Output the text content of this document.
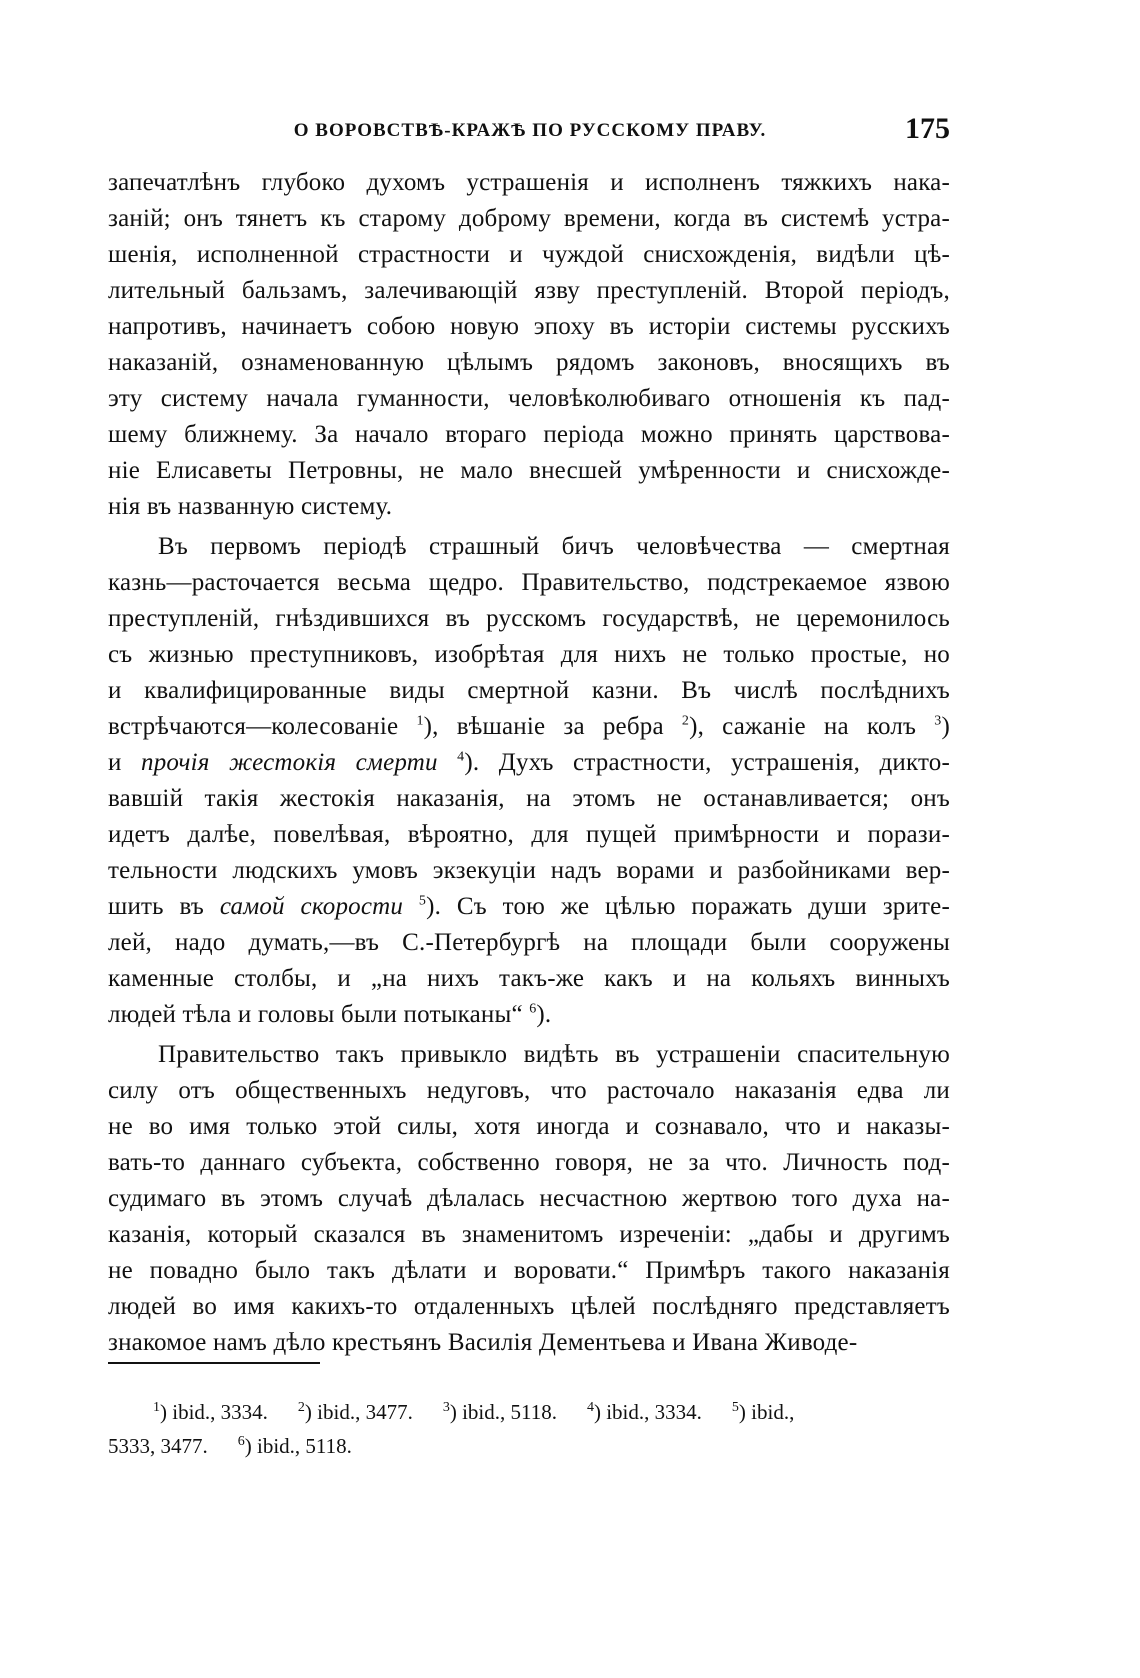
О ВОРОВСТВѢ-КРАЖѢ ПО РУССКОМУ ПРАВУ.	175

запечатлѣнъ глубоко духомъ устрашенія и исполненъ тяжкихъ нака-
заній; онъ тянетъ къ старому доброму времени, когда въ системѣ устра-
шенія, исполненной страстности и чуждой снисхожденія, видѣли цѣ-
лительный бальзамъ, залечивающій язву преступленій. Второй періодъ,
напротивъ, начинаетъ собою новую эпоху въ исторіи системы русскихъ
наказаній, ознаменованную цѣлымъ рядомъ законовъ, вносящихъ въ
эту систему начала гуманности, человѣколюбиваго отношенія къ пад-
шему ближнему. За начало втораго періода можно принять царствова-
ніе Елисаветы Петровны, не мало внесшей умѣренности и снисхожде-
нія въ названную систему.

Въ первомъ періодѣ страшный бичъ человѣчества — смертная
казнь—расточается весьма щедро. Правительство, подстрекаемое язвою
преступленій, гнѣздившихся въ русскомъ государствѣ, не церемонилось
съ жизнью преступниковъ, изобрѣтая для нихъ не только простые, но
и квалифицированные виды смертной казни. Въ числѣ послѣднихъ
встрѣчаются—колесованіе $^1$), вѣшаніе за ребра $^2$), сажаніе на колъ $^3$)
и прочія жестокія смерти $^4$). Духъ страстности, устрашенія, дикто-
вавшій такія жестокія наказанія, на этомъ не останавливается; онъ
идетъ далѣе, повелѣвая, вѣроятно, для пущей примѣрности и порази-
тельности людскихъ умовъ экзекуціи надъ ворами и разбойниками вер-
шить въ самой скорости $^5$). Съ тою же цѣлью поражать души зрите-
лей, надо думать,—въ С.-Петербургѣ на площади были сооружены
каменные столбы, и „на нихъ такъ-же какъ и на кольяхъ винныхъ
людей тѣла и головы были потыканы“ $^6$).

Правительство такъ привыкло видѣть въ устрашеніи спасительную
силу отъ общественныхъ недуговъ, что расточало наказанія едва ли
не во имя только этой силы, хотя иногда и сознавало, что и наказы-
вать-то даннаго субъекта, собственно говоря, не за что. Личность под-
судимаго въ этомъ случаѣ дѣлалась несчастною жертвою того духа на-
казанія, который сказался въ знаменитомъ изреченіи: „дабы и другимъ
не повадно было такъ дѣлати и воровати.“ Примѣръ такого наказанія
людей во имя какихъ-то отдаленныхъ цѣлей послѣдняго представляетъ
знакомое намъ дѣло крестьянъ Василія Дементьева и Ивана Живоде-

$^1$) ibid., 3334. $^2$) ibid., 3477. $^3$) ibid., 5118. $^4$) ibid., 3334. $^5$) ibid.,
5333, 3477. $^6$) ibid., 5118.
